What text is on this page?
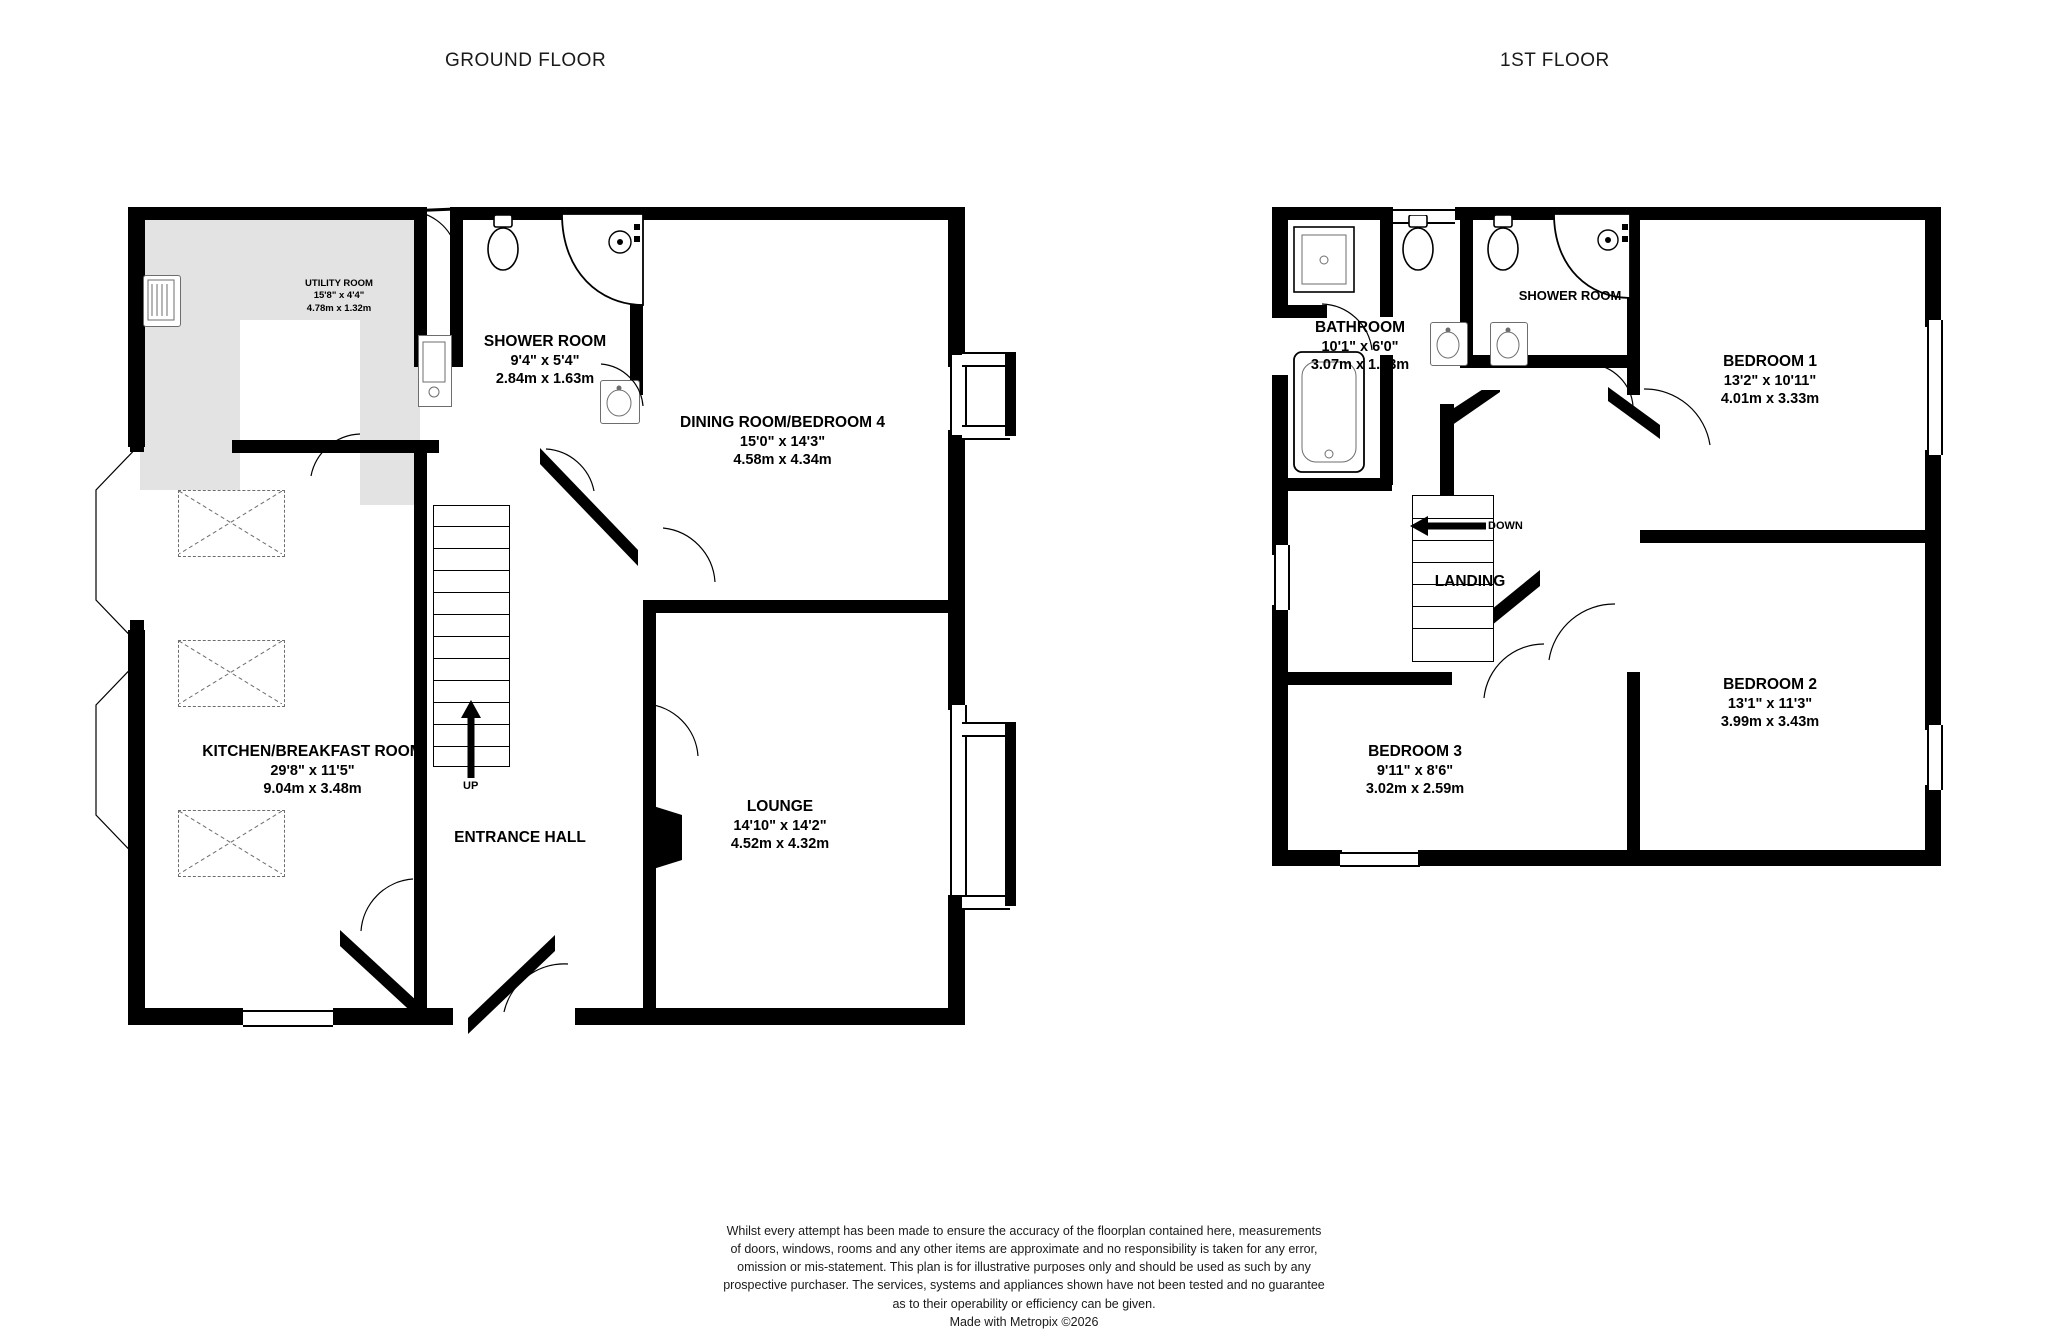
GROUND FLOOR	1ST FLOOR
UP
UTILITY ROOM
15'8" x 4'4"
4.78m x 1.32m
SHOWER ROOM
9'4" x 5'4"
2.84m x 1.63m
DINING ROOM/BEDROOM 4
15'0" x 14'3"
4.58m x 4.34m
KITCHEN/BREAKFAST ROOM
29'8" x 11'5"
9.04m x 3.48m
ENTRANCE HALL
LOUNGE
14'10" x 14'2"
4.52m x 4.32m
DOWN
SHOWER ROOM
BATHROOM
10'1" x 6'0"
3.07m x 1.83m	BEDROOM 1
13'2" x 10'11"
4.01m x 3.33m
BEDROOM 2
13'1" x 11'3"
3.99m x 3.43m
BEDROOM 3
9'11" x 8'6"
3.02m x 2.59m
LANDING
Whilst every attempt has been made to ensure the accuracy of the floorplan contained here, measurements
of doors, windows, rooms and any other items are approximate and no responsibility is taken for any error,
omission or mis-statement. This plan is for illustrative purposes only and should be used as such by any
prospective purchaser. The services, systems and appliances shown have not been tested and no guarantee
as to their operability or efficiency can be given.
Made with Metropix ©2026
